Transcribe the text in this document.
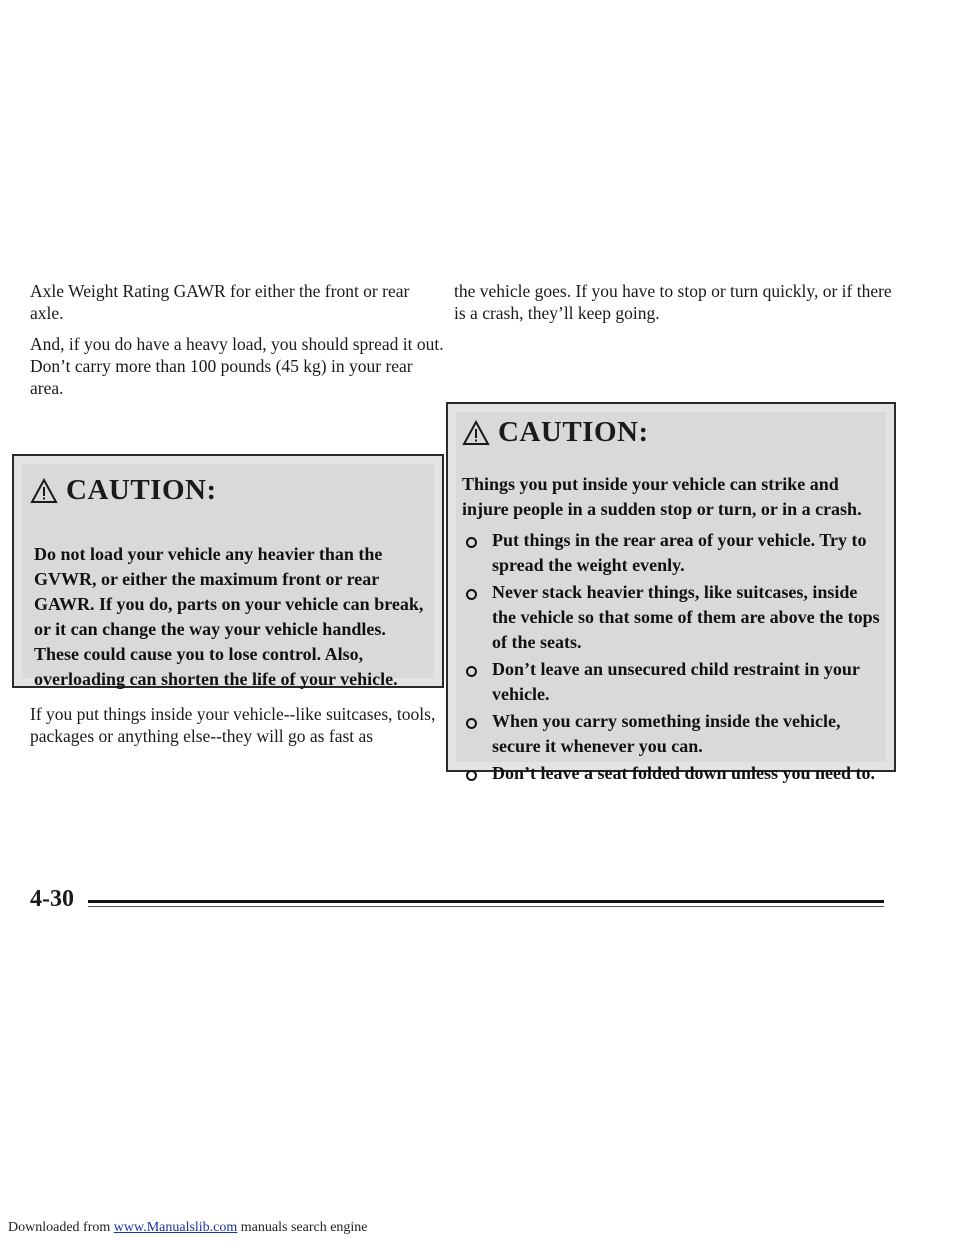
Axle Weight Rating GAWR for either the front or rear axle.

And, if you do have a heavy load, you should spread it out. Don’t carry more than 100 pounds (45 kg) in your rear area.

CAUTION:
Do not load your vehicle any heavier than the GVWR, or either the maximum front or rear GAWR. If you do, parts on your vehicle can break, or it can change the way your vehicle handles. These could cause you to lose control. Also, overloading can shorten the life of your vehicle.

If you put things inside your vehicle--like suitcases, tools, packages or anything else--they will go as fast as

the vehicle goes. If you have to stop or turn quickly, or if there is a crash, they’ll keep going.

CAUTION:
Things you put inside your vehicle can strike and injure people in a sudden stop or turn, or in a crash.
Put things in the rear area of your vehicle. Try to spread the weight evenly.
Never stack heavier things, like suitcases, inside the vehicle so that some of them are above the tops of the seats.
Don’t leave an unsecured child restraint in your vehicle.
When you carry something inside the vehicle, secure it whenever you can.
Don’t leave a seat folded down unless you need to.
4-30
Downloaded from www.Manualslib.com manuals search engine
